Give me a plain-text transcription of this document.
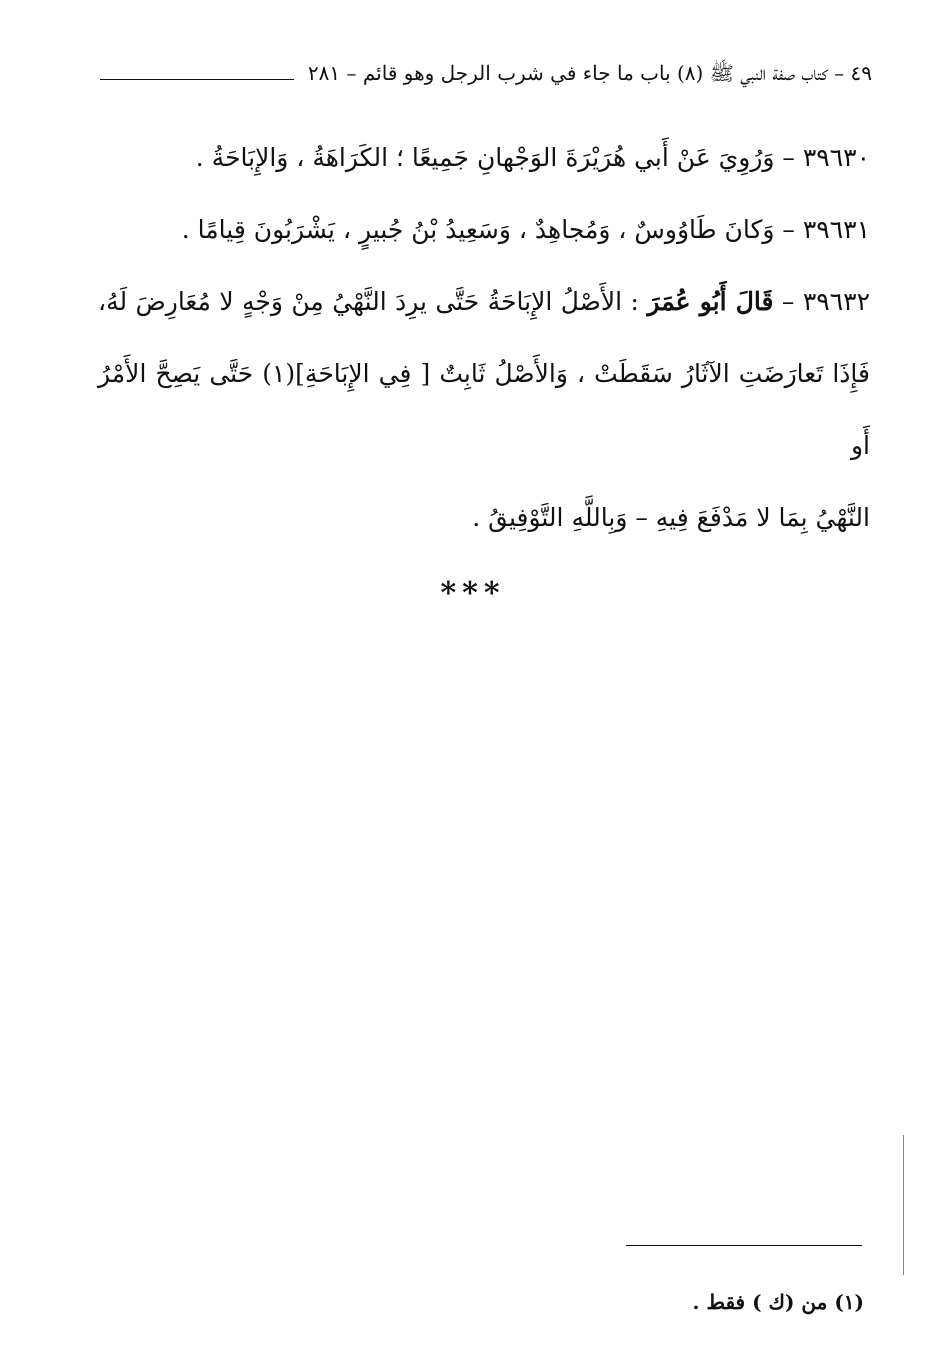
٤٩ – كتاب صفة النبي ﷺ (٨) باب ما جاء في شرب الرجل وهو قائم – ٢٨١

٣٩٦٣٠ – وَرُوِيَ عَنْ أَبي هُرَيْرَةَ الوَجْهانِ جَمِيعًا ؛ الكَرَاهَةُ ، وَالإِبَاحَةُ .

٣٩٦٣١ – وَكانَ طَاوُوسٌ ، وَمُجاهِدٌ ، وَسَعِيدُ بْنُ جُبيرٍ ، يَشْرَبُونَ قِيامًا .

٣٩٦٣٢ – قَالَ أَبُو عُمَرَ : الأَصْلُ الإِبَاحَةُ حَتَّى يرِدَ النَّهْيُ مِنْ وَجْهٍ لا مُعَارِضَ لَهُ، فَإِذَا تَعارَضَتِ الآثَارُ سَقَطَتْ ، وَالأَصْلُ ثَابِتٌ [ فِي الإِبَاحَةِ](١) حَتَّى يَصِحَّ الأَمْرُ أَو

النَّهْيُ بِمَا لا مَدْفَعَ فِيهِ – وَبِاللَّهِ التَّوْفِيقُ .

***
(١) من (ك ) فقط .
